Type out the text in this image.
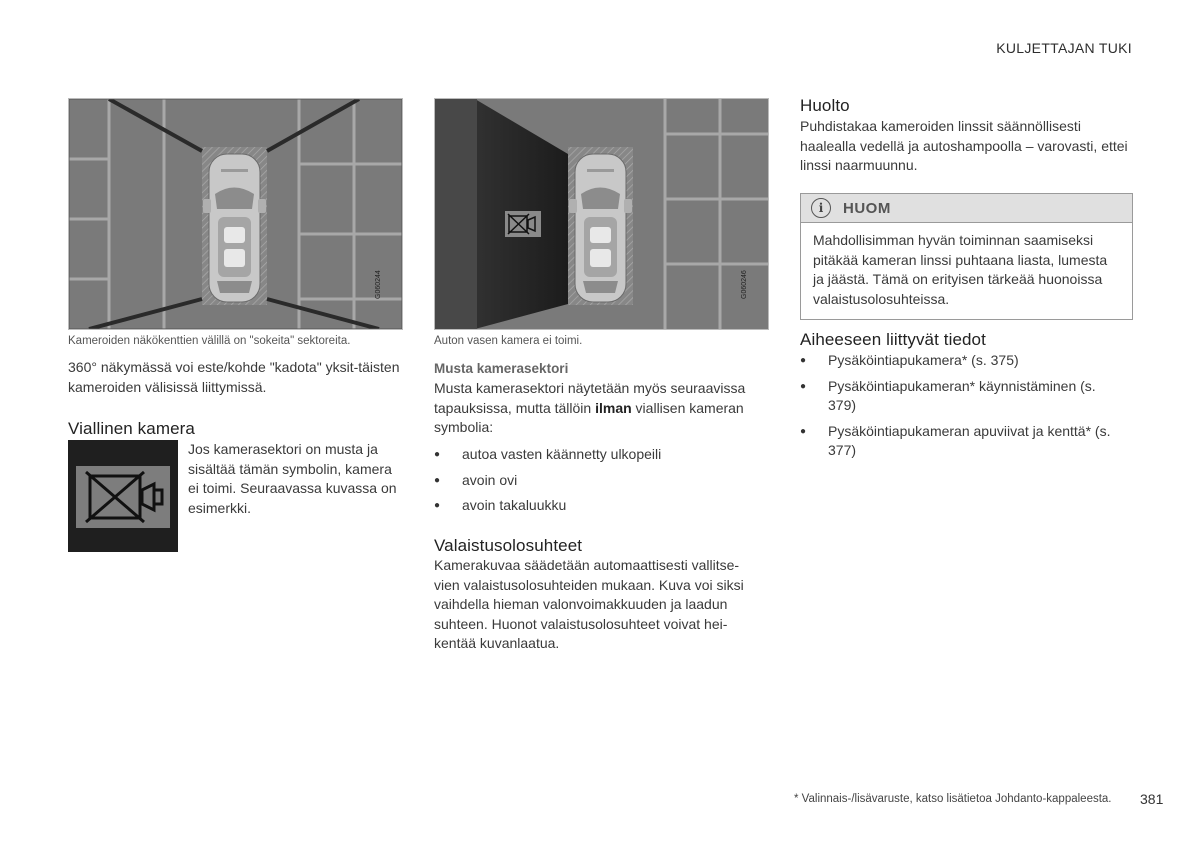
KULJETTAJAN TUKI
G060244
Kameroiden näkökenttien välillä on "sokeita" sektoreita.
360° näkymässä voi este/kohde "kadota" yksit-täisten kameroiden välisissä liittymissä.
Viallinen kamera
Jos kamerasektori on musta ja sisältää tämän symbolin, kamera ei toimi. Seuraavassa kuvassa on esimerkki.
G060246
Auton vasen kamera ei toimi.
Musta kamerasektori
Musta kamerasektori näytetään myös seuraavissa tapauksissa, mutta tällöin ilman viallisen kameran symbolia:
● autoa vasten käännetty ulkopeili
● avoin ovi
● avoin takaluukku
Valaistusolosuhteet
Kamerakuvaa säädetään automaattisesti vallitse-vien valaistusolosuhteiden mukaan. Kuva voi siksi vaihdella hieman valonvoimakkuuden ja laadun suhteen. Huonot valaistusolosuhteet voivat hei-kentää kuvanlaatua.
Huolto
Puhdistakaa kameroiden linssit säännöllisesti haalealla vedellä ja autoshampoolla – varovasti, ettei linssi naarmuunnu.
i	HUOM
Mahdollisimman hyvän toiminnan saamiseksi pitäkää kameran linssi puhtaana liasta, lumesta ja jäästä. Tämä on erityisen tärkeää huonoissa valaistusolosuhteissa.
Aiheeseen liittyvät tiedot
● Pysäköintiapukamera* (s. 375)
● Pysäköintiapukameran* käynnistäminen (s. 379)
● Pysäköintiapukameran apuviivat ja kenttä* (s. 377)
* Valinnais-/lisävaruste, katso lisätietoa Johdanto-kappaleesta. 381
